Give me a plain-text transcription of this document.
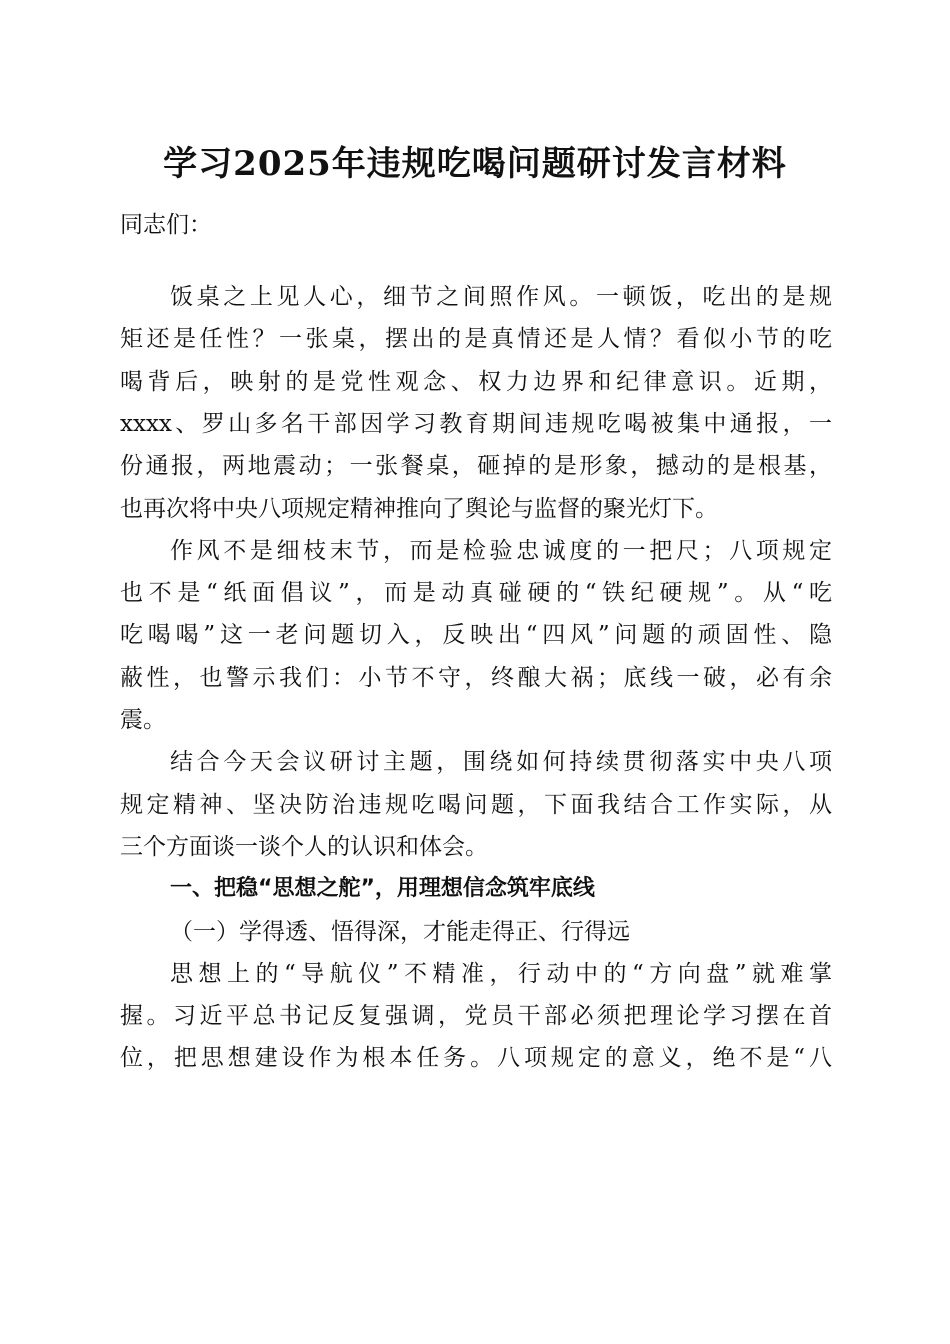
学习2025年违规吃喝问题研讨发言材料
同志们：
饭桌之上见人心，细节之间照作风。一顿饭，吃出的是规
矩还是任性？一张桌，摆出的是真情还是人情？看似小节的吃
喝背后，映射的是党性观念、权力边界和纪律意识。近期，
xxxx、罗山多名干部因学习教育期间违规吃喝被集中通报，一
份通报，两地震动；一张餐桌，砸掉的是形象，撼动的是根基，
也再次将中央八项规定精神推向了舆论与监督的聚光灯下。
作风不是细枝末节，而是检验忠诚度的一把尺；八项规定
也不是“纸面倡议”，而是动真碰硬的“铁纪硬规”。从“吃
吃喝喝”这一老问题切入，反映出“四风”问题的顽固性、隐
蔽性，也警示我们：小节不守，终酿大祸；底线一破，必有余
震。
结合今天会议研讨主题，围绕如何持续贯彻落实中央八项
规定精神、坚决防治违规吃喝问题，下面我结合工作实际，从
三个方面谈一谈个人的认识和体会。
一、把稳“思想之舵”，用理想信念筑牢底线
（一）学得透、悟得深，才能走得正、行得远
思想上的“导航仪”不精准，行动中的“方向盘”就难掌
握。习近平总书记反复强调，党员干部必须把理论学习摆在首
位，把思想建设作为根本任务。八项规定的意义，绝不是“八
